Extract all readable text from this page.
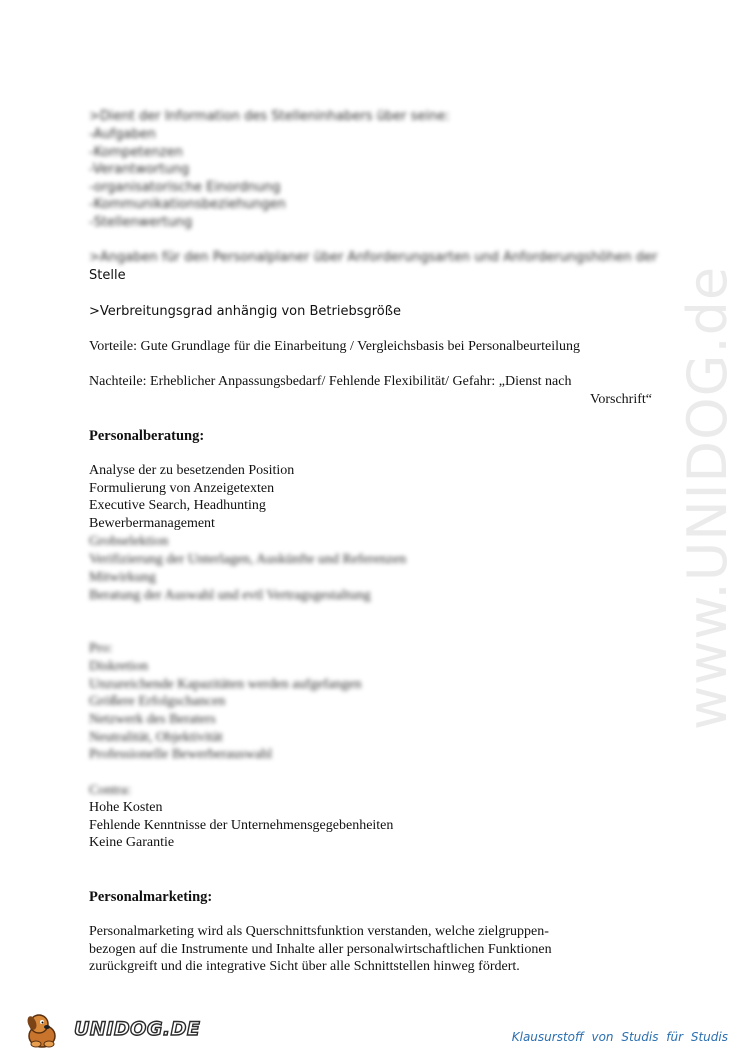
www.UNIDOG.de
>Dient der Information des Stelleninhabers über seine:
-Aufgaben
-Kompetenzen
-Verantwortung
-organisatorische Einordnung
-Kommunikationsbeziehungen
-Stellenwertung
>Angaben für den Personalplaner über Anforderungsarten und Anforderungshöhen der
Stelle
>Verbreitungsgrad anhängig von Betriebsgröße
Vorteile: Gute Grundlage für die Einarbeitung / Vergleichsbasis bei Personalbeurteilung
Nachteile: Erheblicher Anpassungsbedarf/ Fehlende Flexibilität/ Gefahr: „Dienst nach
Vorschrift“
Personalberatung:
Analyse der zu besetzenden Position
Formulierung von Anzeigetexten
Executive Search, Headhunting
Bewerbermanagement
Grobselektion
Verifizierung der Unterlagen, Auskünfte und Referenzen
Mitwirkung
Beratung der Auswahl und evtl Vertragsgestaltung
Pro:
Diskretion
Unzureichende Kapazitäten werden aufgefangen
Größere Erfolgschancen
Netzwerk des Beraters
Neutralität, Objektivität
Professionelle Bewerberauswahl
Contra:
Hohe Kosten
Fehlende Kenntnisse der Unternehmensgegebenheiten
Keine Garantie
Personalmarketing:
Personalmarketing wird als Querschnittsfunktion verstanden, welche zielgruppen-
bezogen auf die Instrumente und Inhalte aller personalwirtschaftlichen Funktionen
zurückgreift und die integrative Sicht über alle Schnittstellen hinweg fördert.
UNIDOG.DE	Klausurstoff von Studis für Studis
